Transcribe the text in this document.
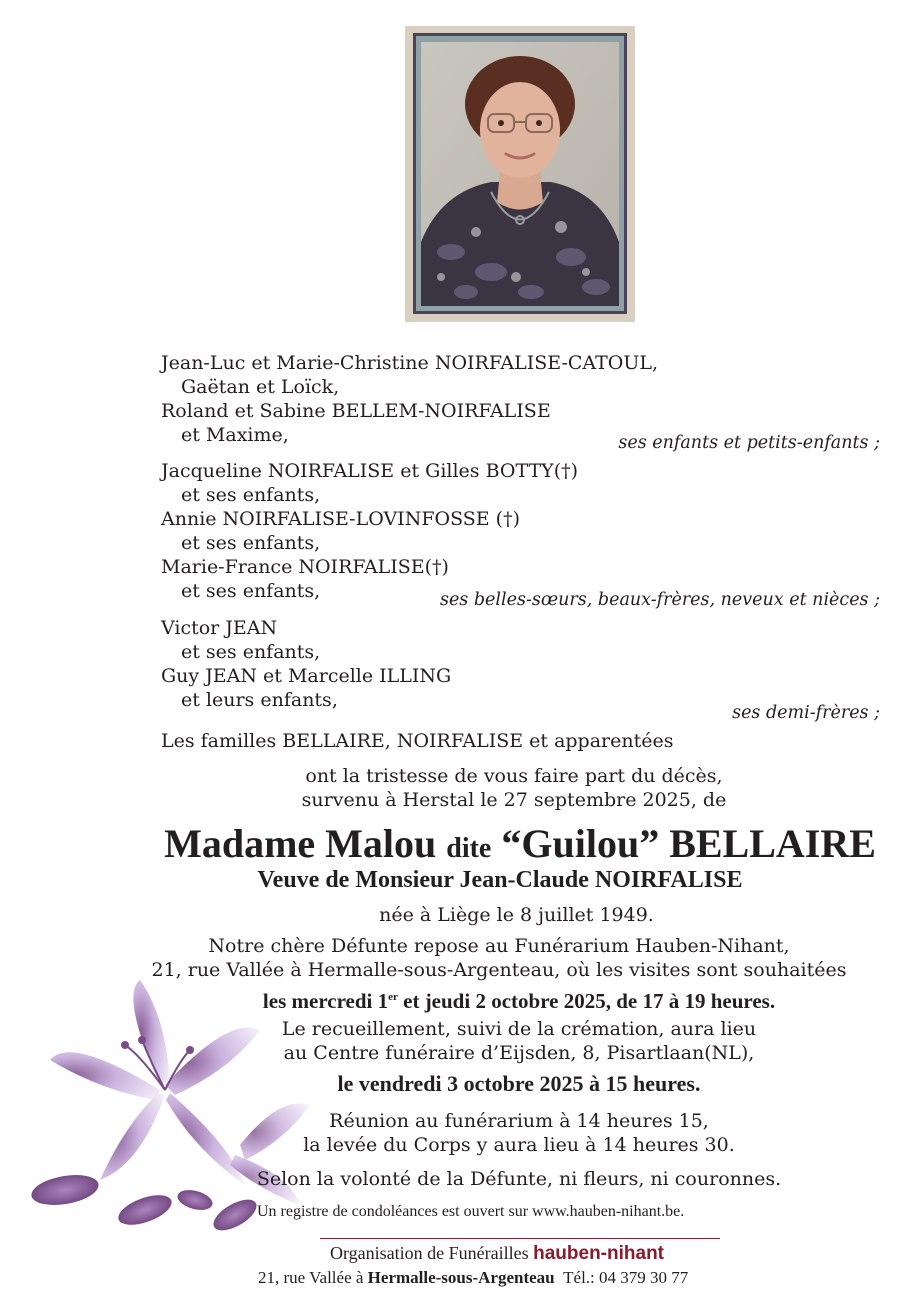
Jean-Luc et Marie-Christine NOIRFALISE-CATOUL,
Gaëtan et Loïck,
Roland et Sabine BELLEM-NOIRFALISE
et Maxime,	ses enfants et petits-enfants ;
Jacqueline NOIRFALISE et Gilles BOTTY(†)
et ses enfants,
Annie NOIRFALISE-LOVINFOSSE (†)
et ses enfants,
Marie-France NOIRFALISE(†)
et ses enfants,	ses belles-sœurs, beaux-frères, neveux et nièces ;
Victor JEAN
et ses enfants,
Guy JEAN et Marcelle ILLING
et leurs enfants,
ses demi-frères ;
Les familles BELLAIRE, NOIRFALISE et apparentées
ont la tristesse de vous faire part du décès,
survenu à Herstal le 27 septembre 2025, de
Madame Malou dite “Guilou” BELLAIRE
Veuve de Monsieur Jean-Claude NOIRFALISE
née à Liège le 8 juillet 1949.
Notre chère Défunte repose au Funérarium Hauben-Nihant,
21, rue Vallée à Hermalle-sous-Argenteau, où les visites sont souhaitées
les mercredi 1er et jeudi 2 octobre 2025, de 17 à 19 heures.
Le recueillement, suivi de la crémation, aura lieu
au Centre funéraire d’Eijsden, 8, Pisartlaan(NL),
le vendredi 3 octobre 2025 à 15 heures.
Réunion au funérarium à 14 heures 15,
la levée du Corps y aura lieu à 14 heures 30.
Selon la volonté de la Défunte, ni fleurs, ni couronnes.
Un registre de condoléances est ouvert sur www.hauben-nihant.be.
Organisation de Funérailles hauben-nihant
21, rue Vallée à Hermalle-sous-Argenteau Tél.: 04 379 30 77
